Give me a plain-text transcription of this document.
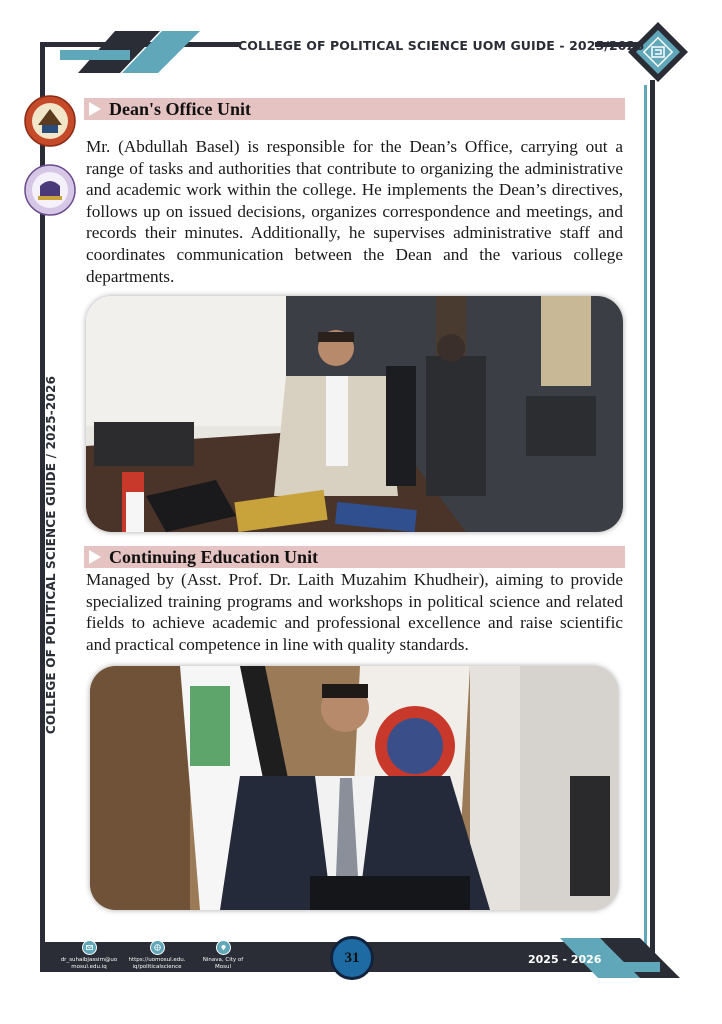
COLLEGE OF POLITICAL SCIENCE UOM GUIDE - 2025/2026
COLLEGE OF POLITICAL SCIENCE GUIDE / 2025-2026
Dean's Office Unit
Mr. (Abdullah Basel) is responsible for the Dean’s Office, carrying out a range of tasks and authorities that contribute to organizing the administrative and academic work within the college. He implements the Dean’s directives, follows up on issued decisions, organizes correspondence and meetings, and records their minutes. Additionally, he supervises administrative staff and coordinates communication between the Dean and the various college departments.
Continuing Education Unit
Managed by (Asst. Prof. Dr. Laith Muzahim Khudheir), aiming to provide specialized training programs and workshops in political science and related fields to achieve academic and professional excellence and raise scientific and practical competence in line with quality standards.
dr_suhaibjassim@uomosul.edu.iq
https://uomosul.edu.iq/politicalscience
Ninava, City of Mosul
31	2025 - 2026
